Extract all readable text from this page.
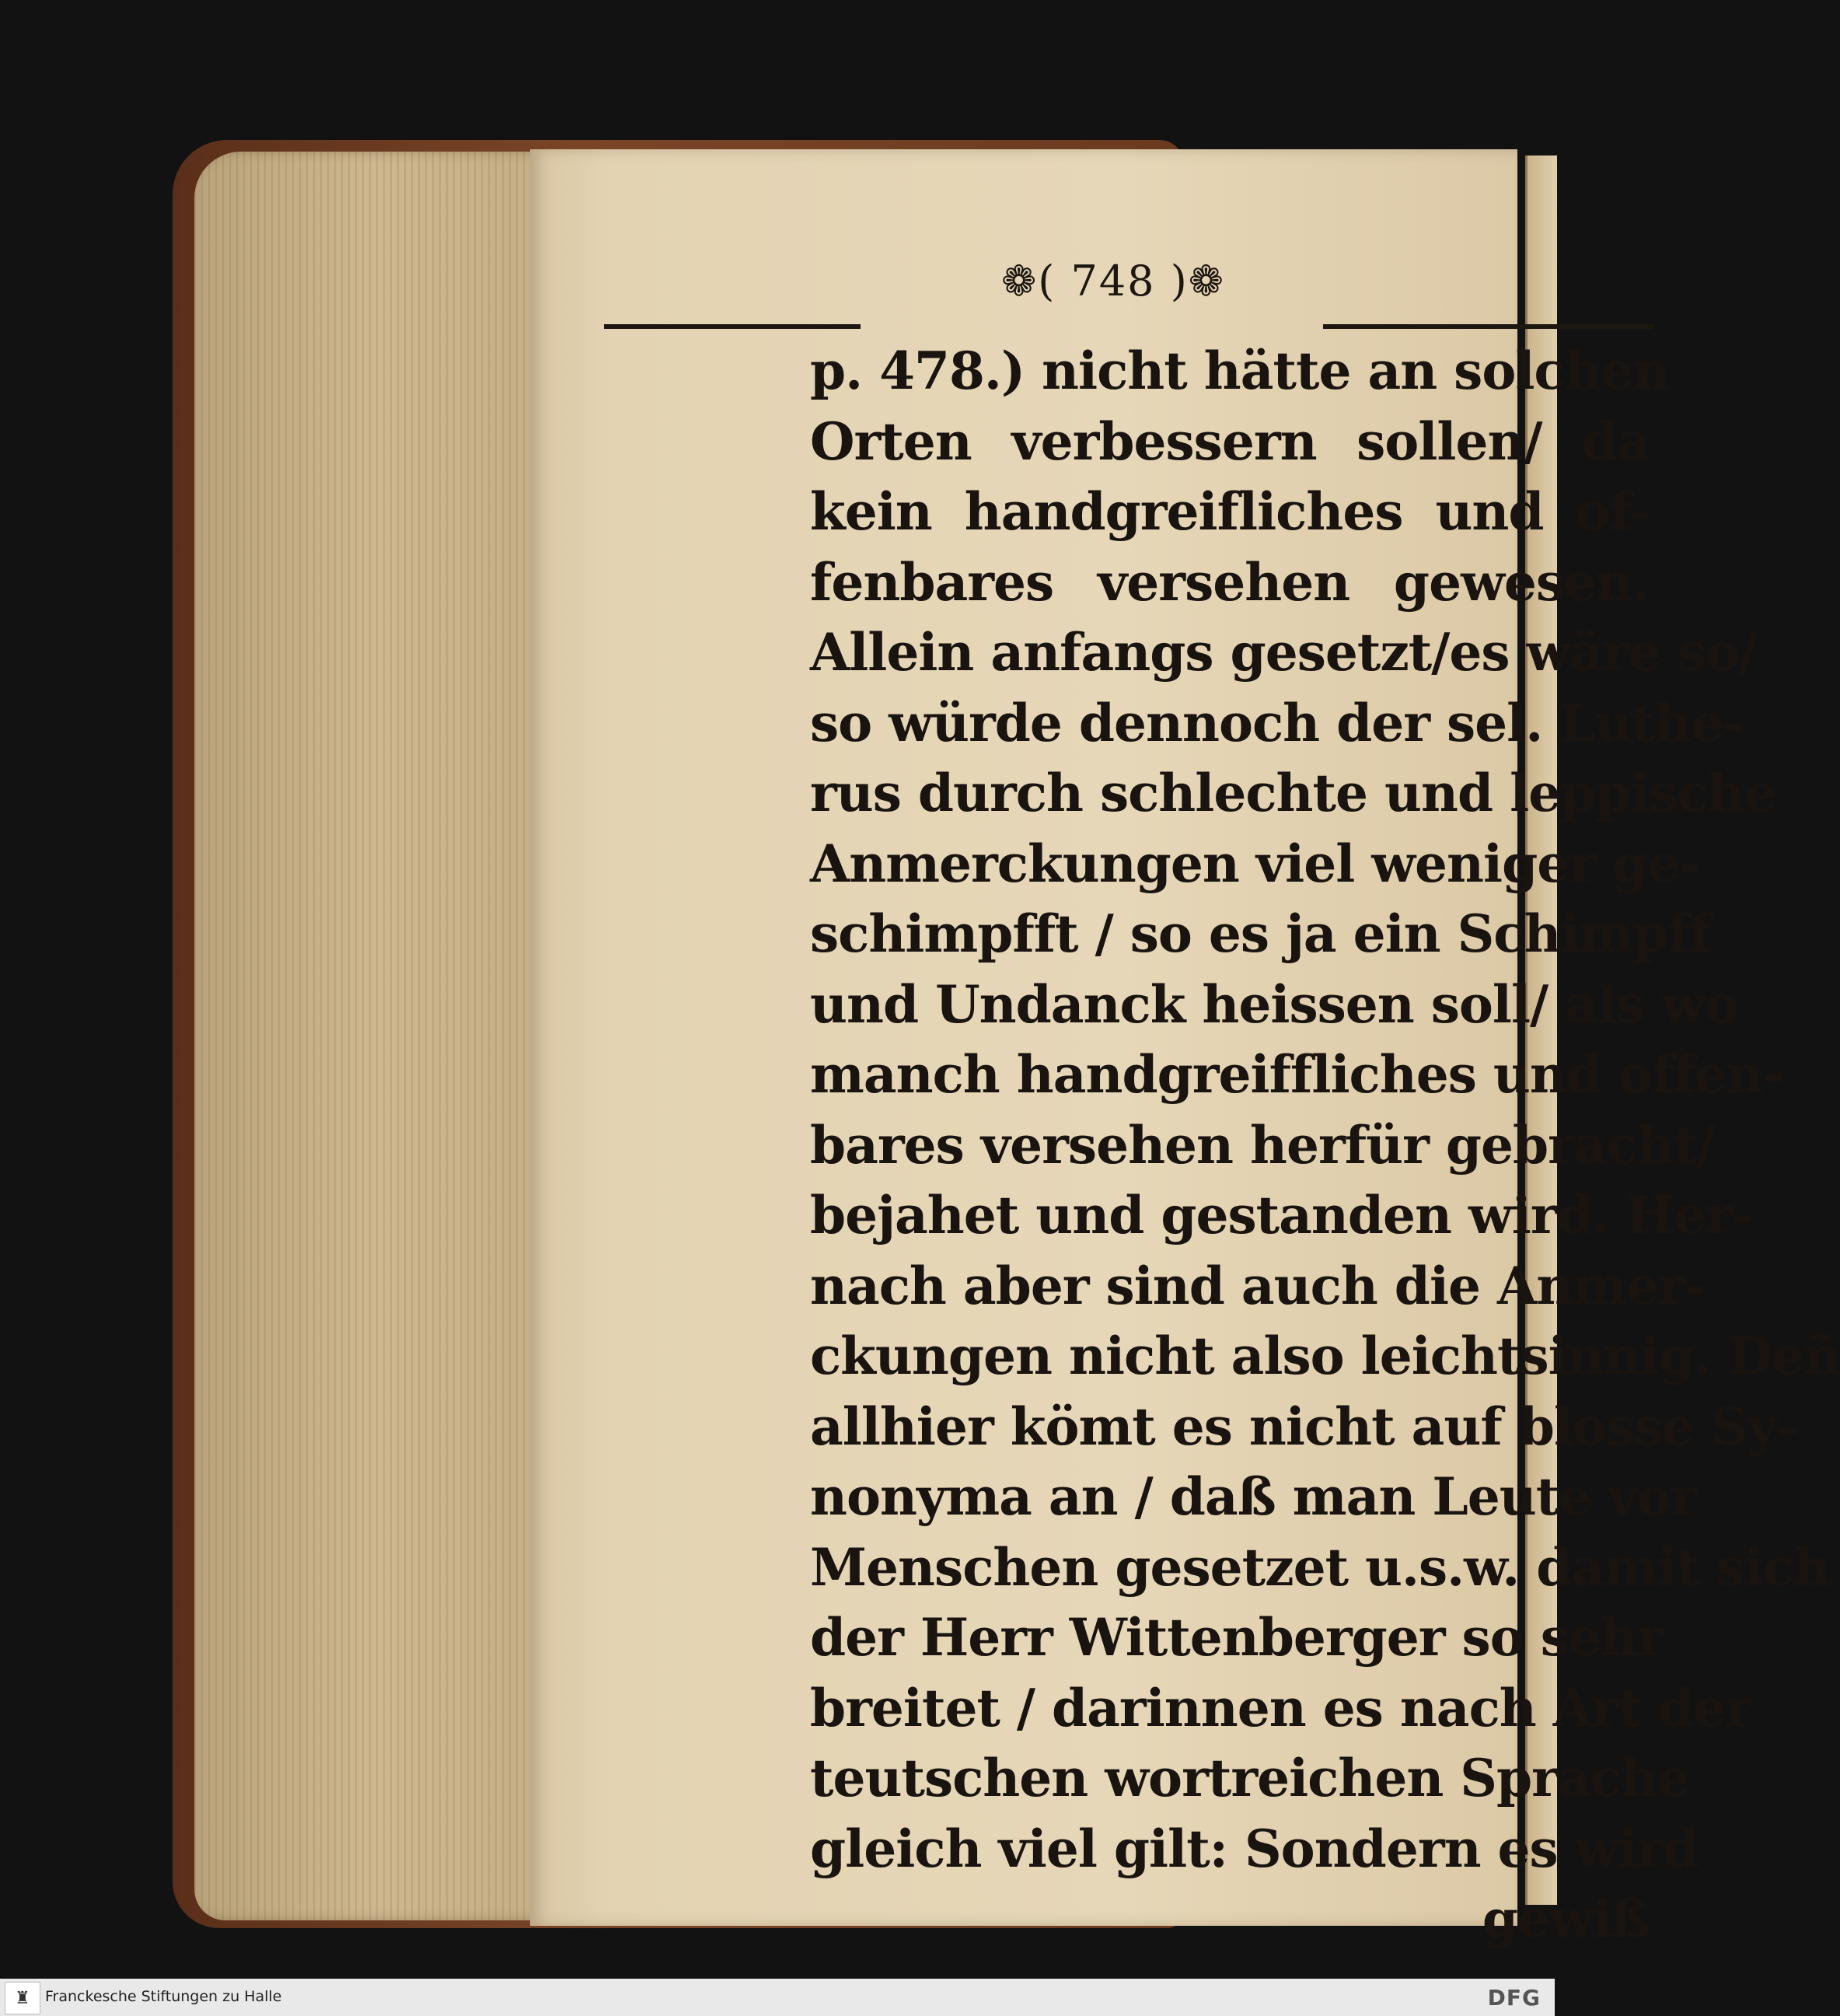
❁( 748 )❁
p. 478.) nicht hätte an solchen
Orten verbessern sollen/ da
kein handgreifliches und of-
fenbares versehen gewesen.
Allein anfangs gesetzt/es wäre so/
so würde dennoch der sel. Luthe-
rus durch schlechte und leppische
Anmerckungen viel weniger ge-
schimpfft / so es ja ein Schimpff
und Undanck heissen soll/ als wo
manch handgreiffliches und offen-
bares versehen herfür gebracht/
bejahet und gestanden wird. Her-
nach aber sind auch die Anmer-
ckungen nicht also leichtsinnig. Deñ
allhier kömt es nicht auf blosse Sy-
nonyma an / daß man Leute vor
Menschen gesetzet u.s.w. damit sich
der Herr Wittenberger so sehr
breitet / darinnen es nach Art der
teutschen wortreichen Sprache
gleich viel gilt: Sondern es wird
gewiß
♜	Franckesche Stiftungen zu Halle	DFG
